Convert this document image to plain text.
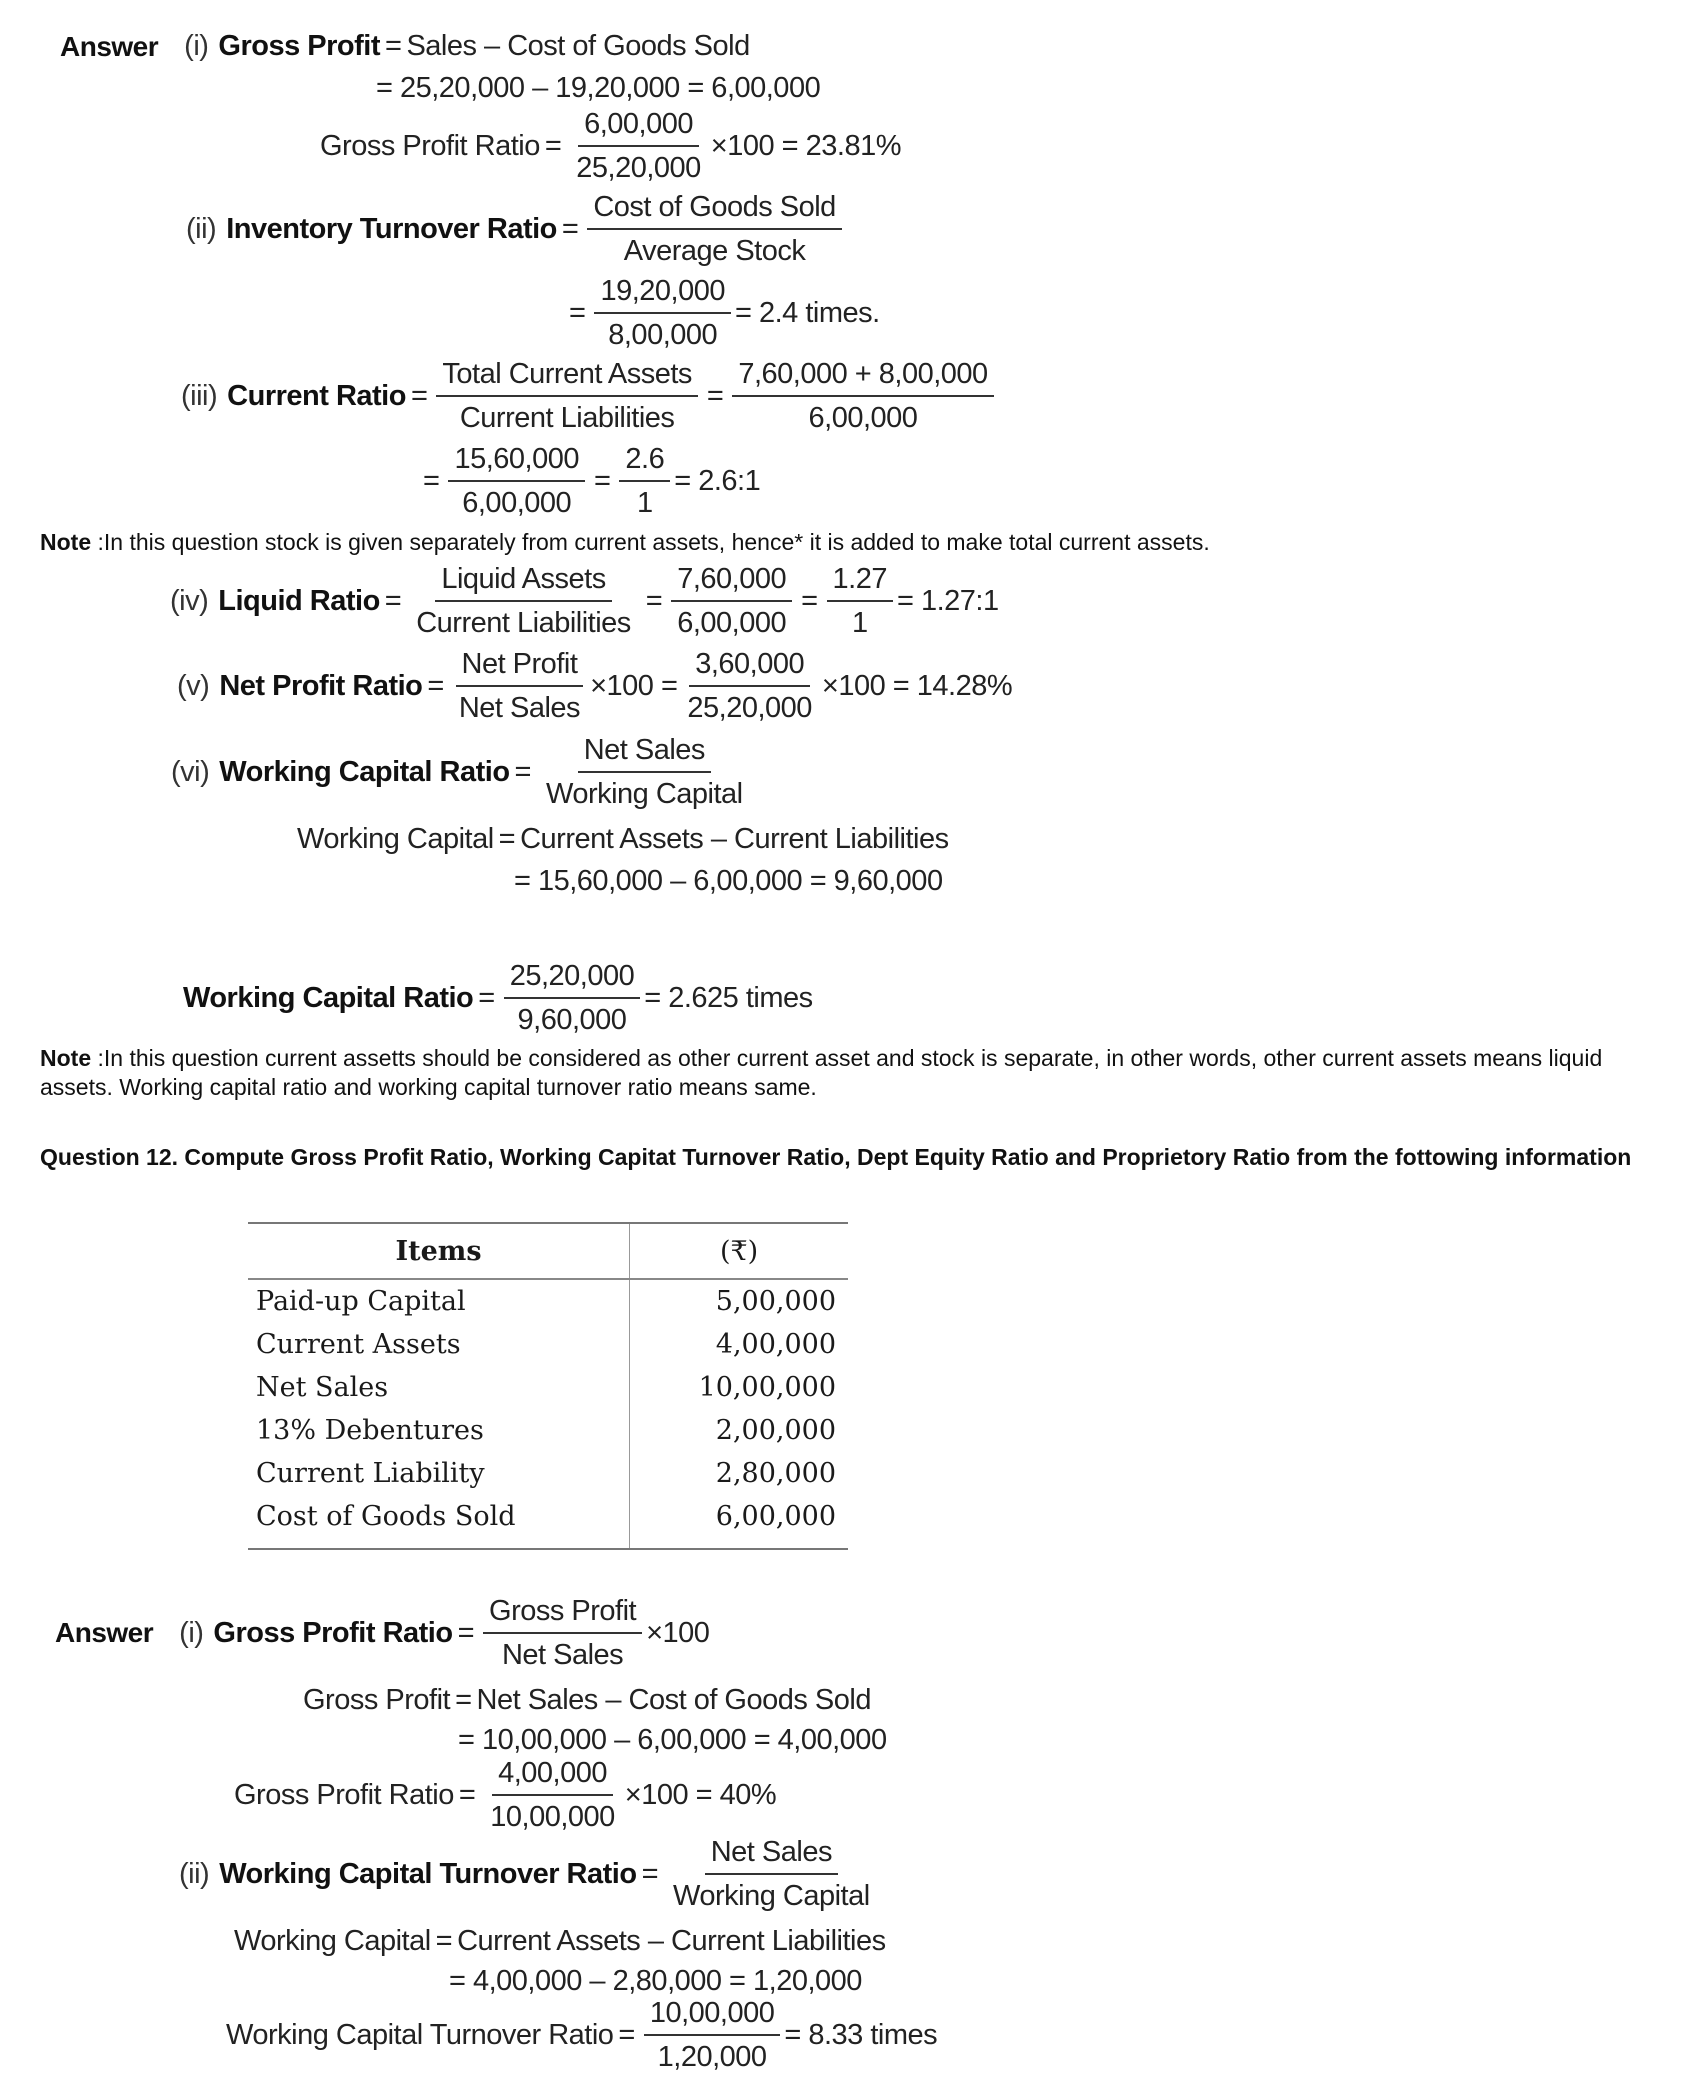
Answer (i) Gross Profit = Sales – Cost of Goods Sold
= 25,20,000 – 19,20,000 = 6,00,000
Gross Profit Ratio = $\frac{6,00,000}{25,20,000} \times 100 = 23.81\%$
(ii) Inventory Turnover Ratio = $\frac{\text{Cost of Goods Sold}}{\text{Average Stock}}$
= $\frac{19,20,000}{8,00,000} = 2.4$ times.
(iii) Current Ratio = $\frac{\text{Total Current Assets}}{\text{Current Liabilities}} = \frac{7,60,000 + 8,00,000}{6,00,000}$
= $\frac{15,60,000}{6,00,000} = \frac{2.6}{1}$ = 2.6:1
Note :In this question stock is given separately from current assets, hence* it is added to make total current assets.
(iv) Liquid Ratio = $\frac{\text{Liquid Assets}}{\text{Current Liabilities}} = \frac{7,60,000}{6,00,000} = \frac{1.27}{1}$ = 1.27:1
(v) Net Profit Ratio = $\frac{\text{Net Profit}}{\text{Net Sales}} \times 100 = \frac{3,60,000}{25,20,000} \times 100 = 14.28\%$
(vi) Working Capital Ratio = $\frac{\text{Net Sales}}{\text{Working Capital}}$
Working Capital = Current Assets – Current Liabilities
= 15,60,000 – 6,00,000 = 9,60,000
Working Capital Ratio = $\frac{25,20,000}{9,60,000} = 2.625$ times
Note :In this question current assetts should be considered as other current asset and stock is separate, in other words, other current assets means liquid assets. Working capital ratio and working capital turnover ratio means same.
Question 12. Compute Gross Profit Ratio, Working Capitat Turnover Ratio, Dept Equity Ratio and Proprietory Ratio from the fottowing information
Items	(₹)
Paid-up Capital	5,00,000
Current Assets	4,00,000
Net Sales	10,00,000
13% Debentures	2,00,000
Current Liability	2,80,000
Cost of Goods Sold	6,00,000
Answer (i) Gross Profit Ratio = $\frac{\text{Gross Profit}}{\text{Net Sales}} \times 100$
Gross Profit = Net Sales – Cost of Goods Sold
= 10,00,000 – 6,00,000 = 4,00,000
Gross Profit Ratio = $\frac{4,00,000}{10,00,000} \times 100 = 40\%$
(ii) Working Capital Turnover Ratio = $\frac{\text{Net Sales}}{\text{Working Capital}}$
Working Capital = Current Assets – Current Liabilities
= 4,00,000 – 2,80,000 = 1,20,000
Working Capital Turnover Ratio = $\frac{10,00,000}{1,20,000} = 8.33$ times
